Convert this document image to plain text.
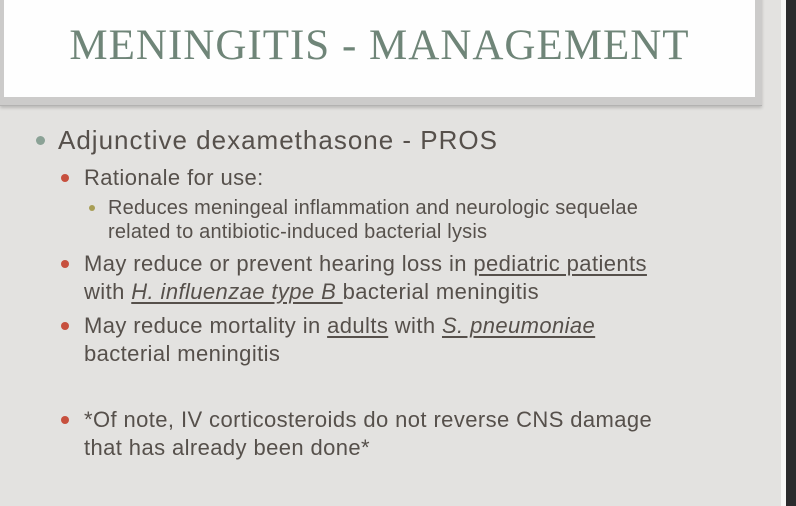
MENINGITIS - MANAGEMENT
Adjunctive dexamethasone - PROS
Rationale for use:
Reduces meningeal inflammation and neurologic sequelae
related to antibiotic-induced bacterial lysis
May reduce or prevent hearing loss in pediatric patients
with H. influenzae type B bacterial meningitis
May reduce mortality in adults with S. pneumoniae
bacterial meningitis
*Of note, IV corticosteroids do not reverse CNS damage
that has already been done*
